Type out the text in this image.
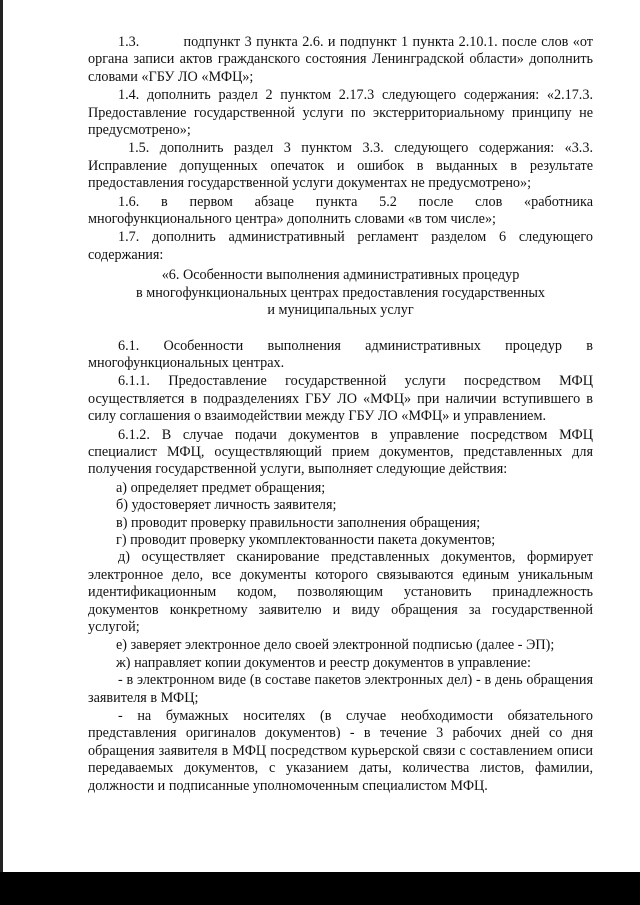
1.3.          подпункт 3 пункта 2.6. и подпункт 1 пункта 2.10.1. после слов «от органа записи актов гражданского состояния Ленинградской области» дополнить словами «ГБУ ЛО «МФЦ»;

1.4. дополнить раздел 2 пунктом 2.17.3 следующего содержания: «2.17.3. Предоставление государственной услуги по экстерриториальному принципу не предусмотрено»;

1.5. дополнить раздел 3 пунктом 3.3. следующего содержания: «3.3. Исправление допущенных опечаток и ошибок в выданных в результате предоставления государственной услуги документах не предусмотрено»;

1.6. в первом абзаце пункта 5.2 после слов «работника многофункционального центра» дополнить словами «в том числе»;

1.7. дополнить административный регламент разделом 6 следующего содержания:

«6. Особенности выполнения административных процедур
в многофункциональных центрах предоставления государственных
и муниципальных услуг

6.1. Особенности выполнения административных процедур в многофункциональных центрах.

6.1.1. Предоставление государственной услуги посредством МФЦ осуществляется в подразделениях ГБУ ЛО «МФЦ» при наличии вступившего в силу соглашения о взаимодействии между ГБУ ЛО «МФЦ» и управлением.

6.1.2. В случае подачи документов в управление посредством МФЦ специалист МФЦ, осуществляющий прием документов, представленных для получения государственной услуги, выполняет следующие действия:

а) определяет предмет обращения;

б) удостоверяет личность заявителя;

в) проводит проверку правильности заполнения обращения;

г) проводит проверку укомплектованности пакета документов;

д) осуществляет сканирование представленных документов, формирует электронное дело, все документы которого связываются единым уникальным идентификационным кодом, позволяющим установить принадлежность документов конкретному заявителю и виду обращения за государственной услугой;

е) заверяет электронное дело своей электронной подписью (далее - ЭП);

ж) направляет копии документов и реестр документов в управление:

- в электронном виде (в составе пакетов электронных дел) - в день обращения заявителя в МФЦ;

- на бумажных носителях (в случае необходимости обязательного представления оригиналов документов) - в течение 3 рабочих дней со дня обращения заявителя в МФЦ посредством курьерской связи с составлением описи передаваемых документов, с указанием даты, количества листов, фамилии, должности и подписанные уполномоченным специалистом МФЦ.
